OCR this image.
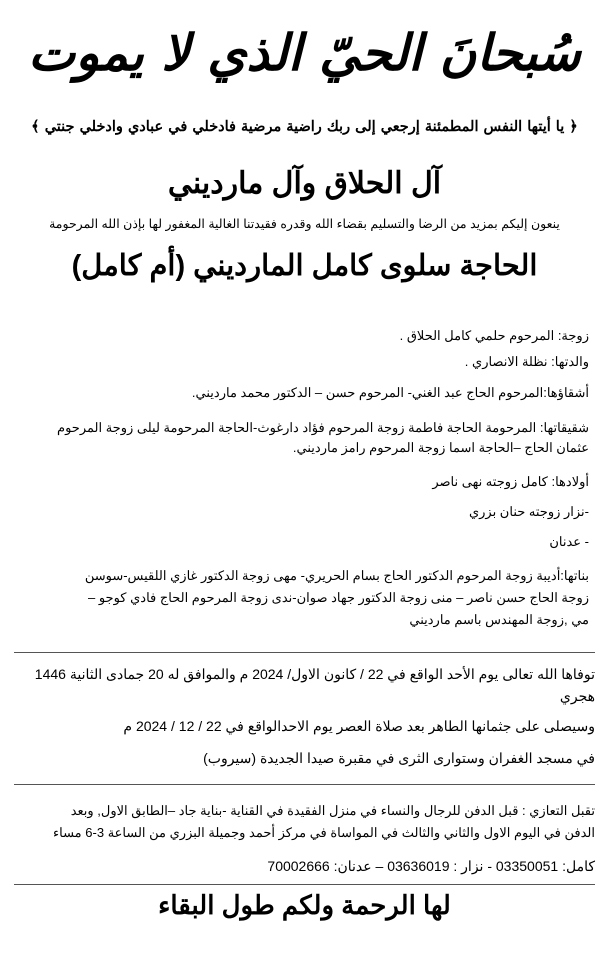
سُبحانَ الحيّ الذي لا يموت
﴿ يا أيتها النفس المطمئنة إرجعي إلى ربك راضية مرضية فادخلي في عبادي وادخلي جنتي ﴾
آل الحلاق وآل مارديني
ينعون إليكم بمزيد من الرضا والتسليم بقضاء الله وقدره فقيدتنا الغالية المغفور لها بإذن الله المرحومة
الحاجة سلوى كامل المارديني (أم كامل)
زوجة: المرحوم حلمي كامل الحلاق .
والدتها: نظلة الانصاري .
أشقاؤها:المرحوم الحاج عبد الغني- المرحوم حسن – الدكتور محمد مارديني.
شقيقاتها: المرحومة الحاجة فاطمة زوجة المرحوم فؤاد دارغوث-الحاجة المرحومة ليلى زوجة المرحوم
عثمان الحاج –الحاجة اسما زوجة المرحوم رامز مارديني.
أولادها: كامل زوجته نهى ناصر
-نزار زوجته حنان بزري
- عدنان
بناتها:أديبة زوجة المرحوم الدكتور الحاج بسام الحريري- مهى زوجة الدكتور غازي اللقيس-سوسن
زوجة الحاج حسن ناصر – منى زوجة الدكتور جهاد صوان-ندى زوجة المرحوم الحاج فادي كوجو –
مي ,زوجة المهندس باسم مارديني
توفاها الله تعالى يوم الأحد الواقع في 22 / كانون الاول/ 2024 م والموافق له 20 جمادى الثانية 1446
هجري
وسيصلى على جثمانها الطاهر بعد صلاة العصر يوم الاحدالواقع في 22 / 12 / 2024 م
في مسجد الغفران وستوارى الثرى في مقبرة صيدا الجديدة (سيروب)
تقبل التعازي : قبل الدفن للرجال والنساء في منزل الفقيدة في القناية -بناية جاد –الطابق الاول, وبعد
الدفن في اليوم الاول والثاني والثالث في المواساة في مركز أحمد وجميلة البزري من الساعة 3-6 مساء
كامل: 03350051 - نزار : 03636019 – عدنان: 70002666
لها الرحمة ولكم طول البقاء
